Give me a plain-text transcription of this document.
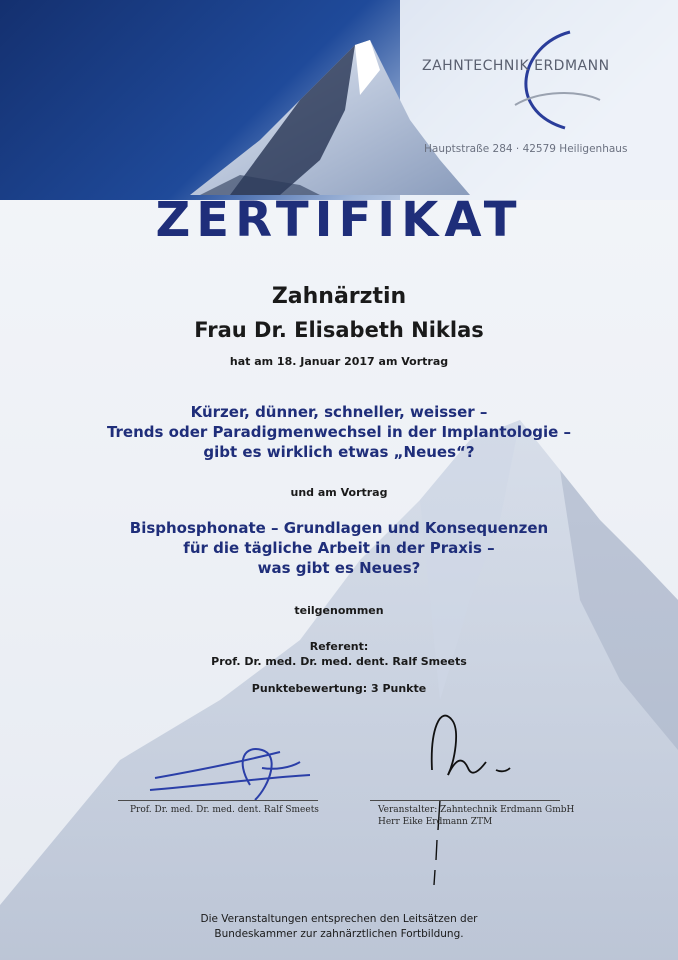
ZAHNTECHNIK ERDMANN
Hauptstraße 284 · 42579 Heiligenhaus
ZERTIFIKAT
Zahnärztin
Frau Dr. Elisabeth Niklas
hat am 18. Januar 2017 am Vortrag
Kürzer, dünner, schneller, weisser –
Trends oder Paradigmenwechsel in der Implantologie –
gibt es wirklich etwas „Neues“?
und am Vortrag
Bisphosphonate – Grundlagen und Konsequenzen
für die tägliche Arbeit in der Praxis –
was gibt es Neues?
teilgenommen
Referent:
Prof. Dr. med. Dr. med. dent. Ralf Smeets
Punktebewertung: 3 Punkte
Prof. Dr. med. Dr. med. dent. Ralf Smeets	Veranstalter: Zahntechnik Erdmann GmbH
Herr Eike Erdmann ZTM
Die Veranstaltungen entsprechen den Leitsätzen der
Bundeskammer zur zahnärztlichen Fortbildung.
